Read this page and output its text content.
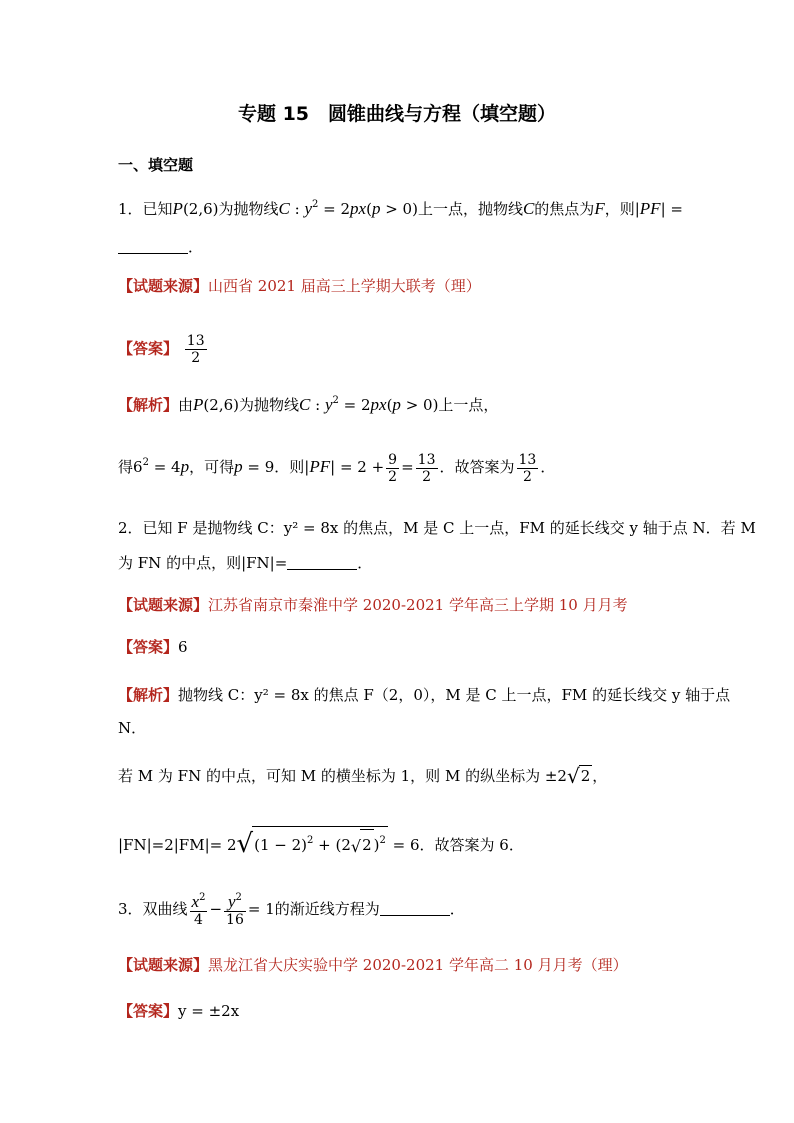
专题 15　圆锥曲线与方程（填空题）
一、填空题
1．已知P(2,6)为抛物线C : $y^2 = 2px(p > 0)$上一点，抛物线C的焦点为F，则|PF| =
．
【试题来源】山西省 2021 届高三上学期大联考（理）
【答案】 $\frac{13}{2}$
【解析】由P(2,6)为抛物线C : $y^2 = 2px(p > 0)$上一点，
得$6^2 = 4p$，可得p = 9．则$|PF| = 2 + \frac{9}{2} = \frac{13}{2}$ ．故答案为 $\frac{13}{2}$ ．
2．已知 F 是抛物线 C：y² = 8x 的焦点，M 是 C 上一点，FM 的延长线交 y 轴于点 N．若 M
为 FN 的中点，则|FN|=	．
【试题来源】江苏省南京市秦淮中学 2020-2021 学年高三上学期 10 月月考
【答案】6
【解析】抛物线 C：y² = 8x 的焦点 F（2，0），M 是 C 上一点，FM 的延长线交 y 轴于点
N．
若 M 为 FN 的中点，可知 M 的横坐标为 1，则 M 的纵坐标为 ±2√2 ，
$|FN|=2|FM|= 2√(1 - 2)^2 + (2√2$ )$^2$ = 6．故答案为 6．
3．双曲线 $\frac{x^2}{4} - \frac{y^2}{16} = 1$的渐近线方程为	．
【试题来源】黑龙江省大庆实验中学 2020-2021 学年高二 10 月月考（理）
【答案】y = ±2x
